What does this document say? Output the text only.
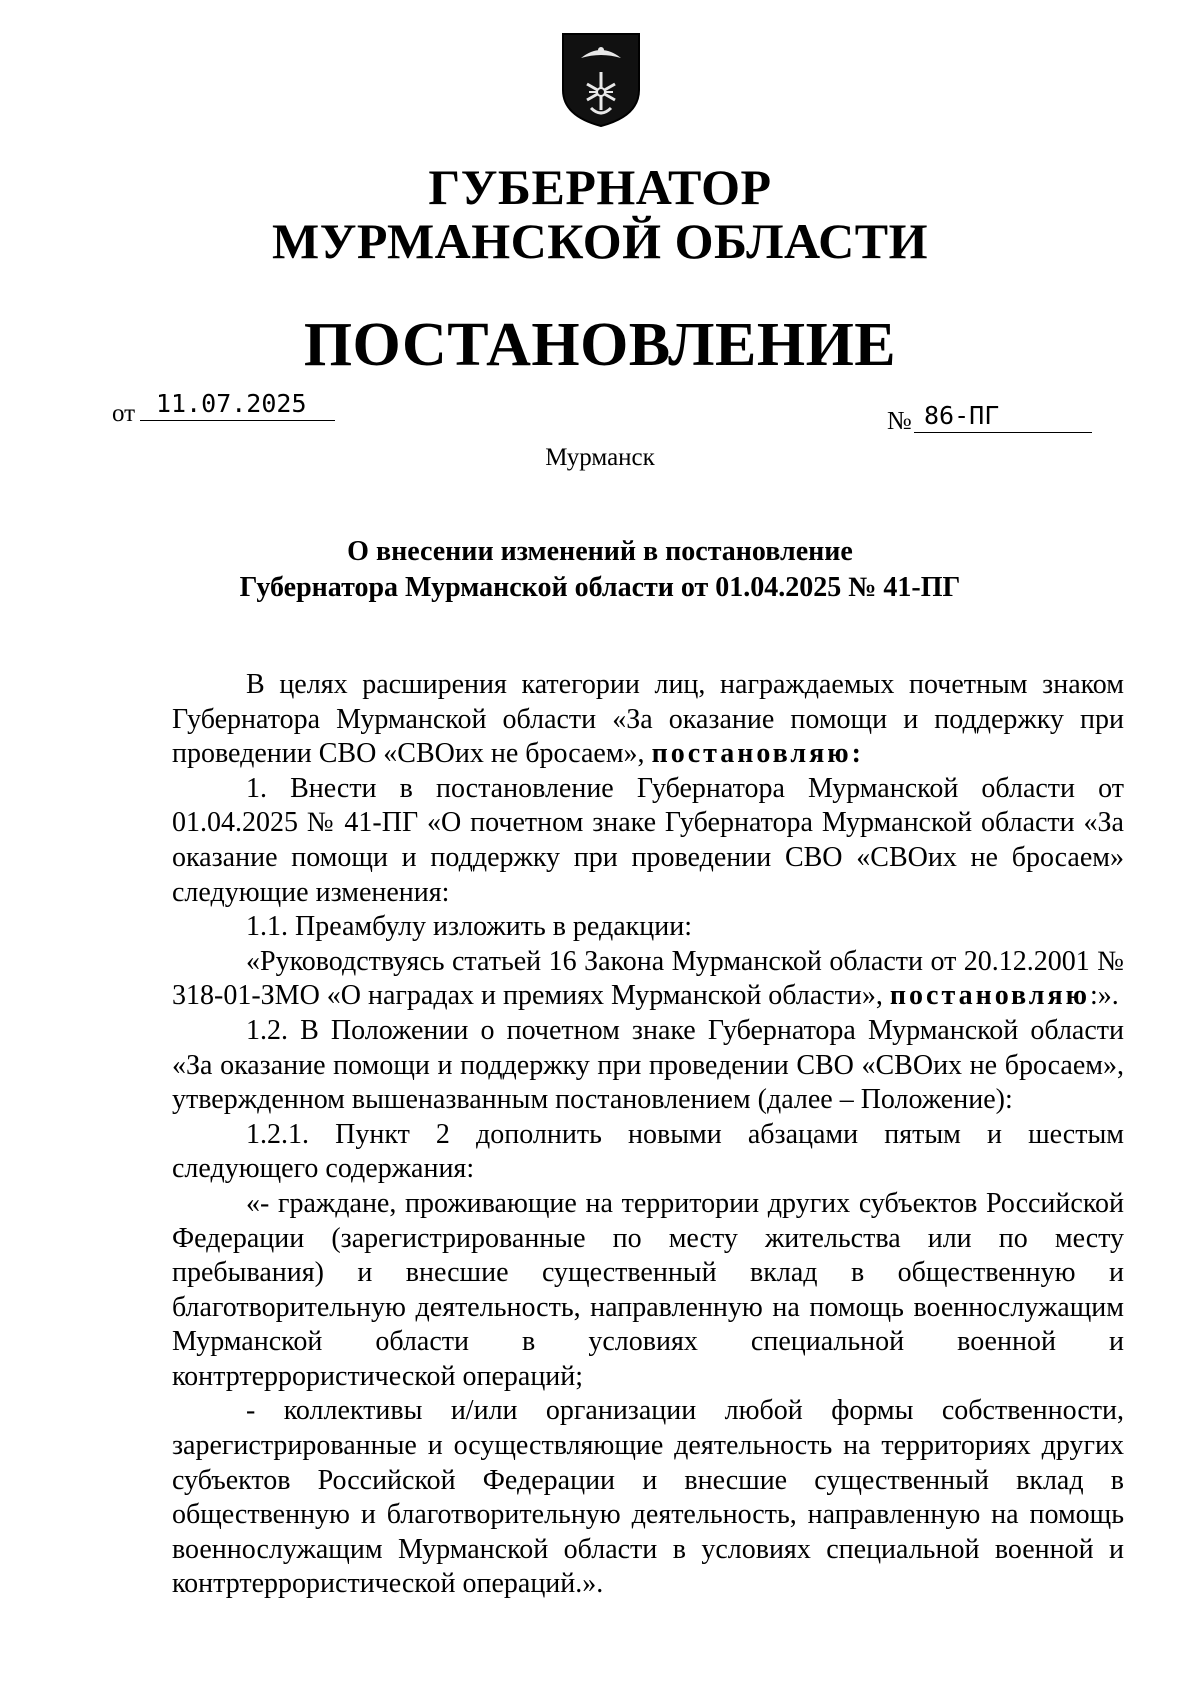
ГУБЕРНАТОР
МУРМАНСКОЙ ОБЛАСТИ
ПОСТАНОВЛЕНИЕ
от 11.07.2025
№ 86-ПГ
Мурманск
О внесении изменений в постановление
Губернатора Мурманской области от 01.04.2025 № 41-ПГ

В целях расширения категории лиц, награждаемых почетным знаком Губернатора Мурманской области «За оказание помощи и поддержку при проведении СВО «СВОих не бросаем», постановляю:

1. Внести в постановление Губернатора Мурманской области от 01.04.2025 № 41-ПГ «О почетном знаке Губернатора Мурманской области «За оказание помощи и поддержку при проведении СВО «СВОих не бросаем» следующие изменения:

1.1. Преамбулу изложить в редакции:

«Руководствуясь статьей 16 Закона Мурманской области от 20.12.2001 № 318-01-ЗМО «О наградах и премиях Мурманской области», постановляю:».

1.2. В Положении о почетном знаке Губернатора Мурманской области «За оказание помощи и поддержку при проведении СВО «СВОих не бросаем», утвержденном вышеназванным постановлением (далее – Положение):

1.2.1. Пункт 2 дополнить новыми абзацами пятым и шестым следующего содержания:

«- граждане, проживающие на территории других субъектов Российской Федерации (зарегистрированные по месту жительства или по месту пребывания) и внесшие существенный вклад в общественную и благотворительную деятельность, направленную на помощь военнослужащим Мурманской области в условиях специальной военной и контртеррористической операций;

- коллективы и/или организации любой формы собственности, зарегистрированные и осуществляющие деятельность на территориях других субъектов Российской Федерации и внесшие существенный вклад в общественную и благотворительную деятельность, направленную на помощь военнослужащим Мурманской области в условиях специальной военной и контртеррористической операций.».
